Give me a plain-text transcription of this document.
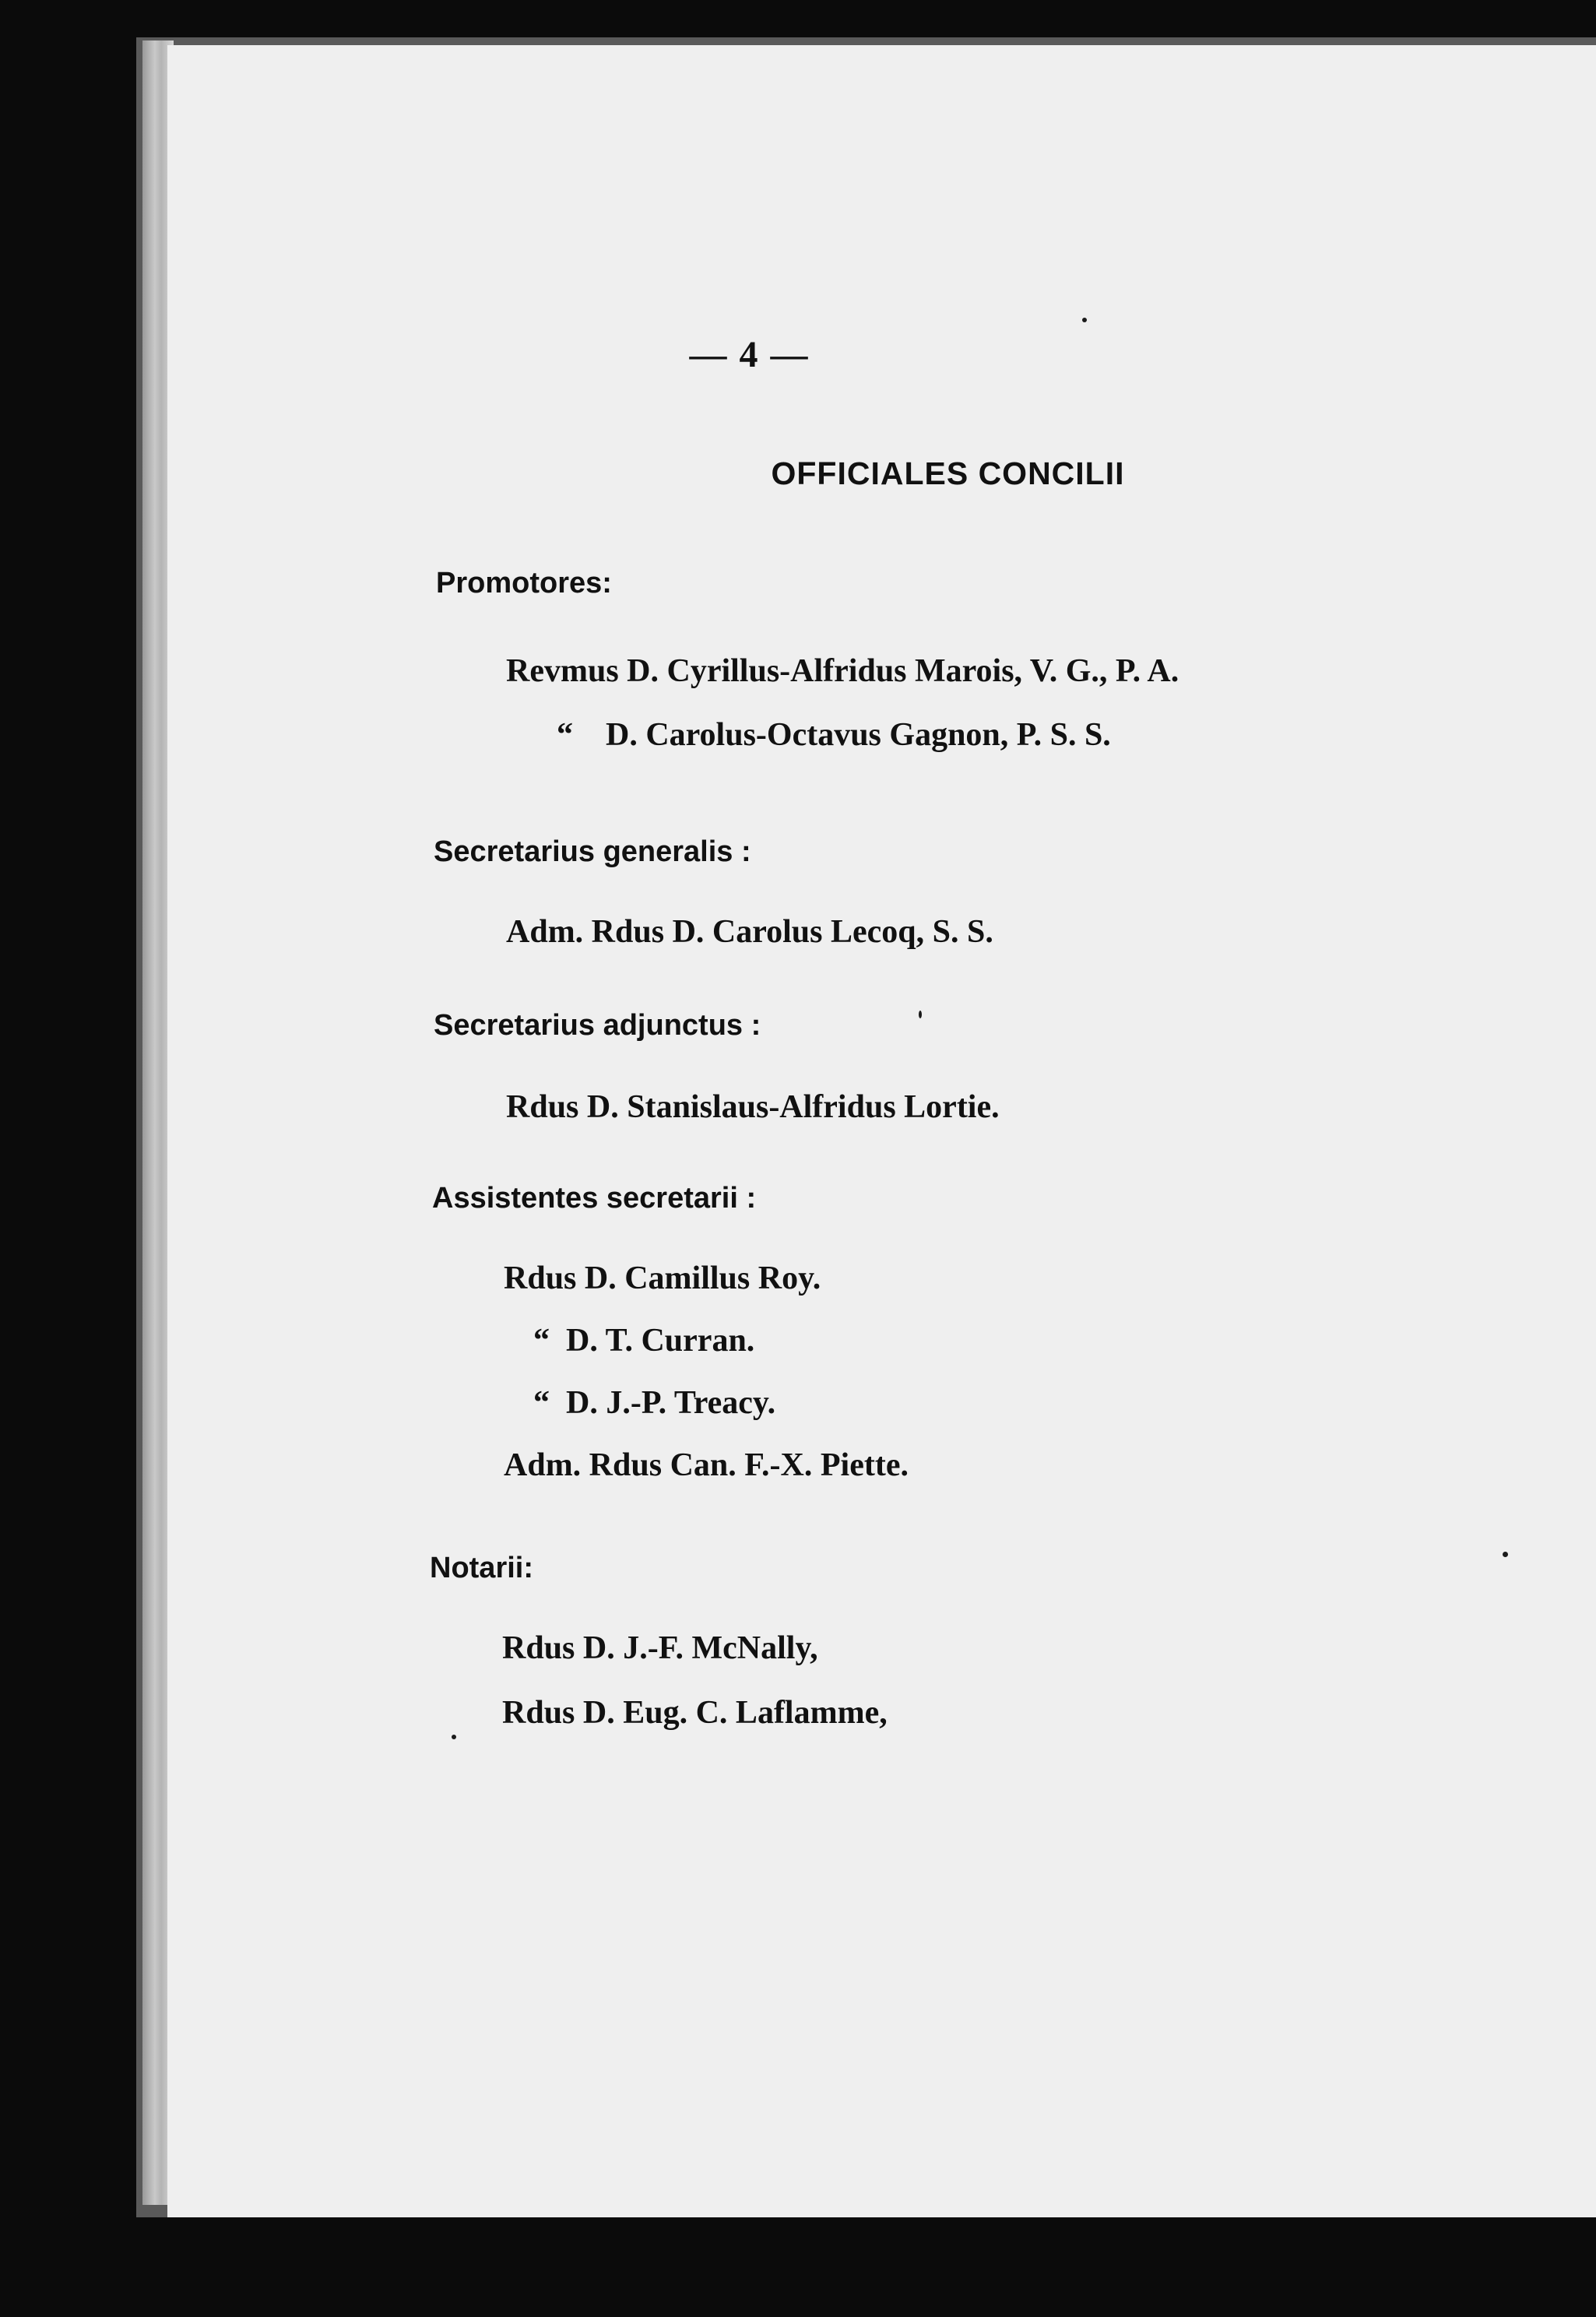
— 4 —
OFFICIALES CONCILII
Promotores:
Revmus D. Cyrillus-Alfridus Marois, V. G., P. A.
“    D. Carolus-Octavus Gagnon, P. S. S.
Secretarius generalis :
Adm. Rdus D. Carolus Lecoq, S. S.
Secretarius adjunctus :
Rdus D. Stanislaus-Alfridus Lortie.
Assistentes secretarii :
Rdus D. Camillus Roy.
“  D. T. Curran.
“  D. J.-P. Treacy.
Adm. Rdus Can. F.-X. Piette.
Notarii:
Rdus D. J.-F. McNally,
Rdus D. Eug. C. Laflamme,
